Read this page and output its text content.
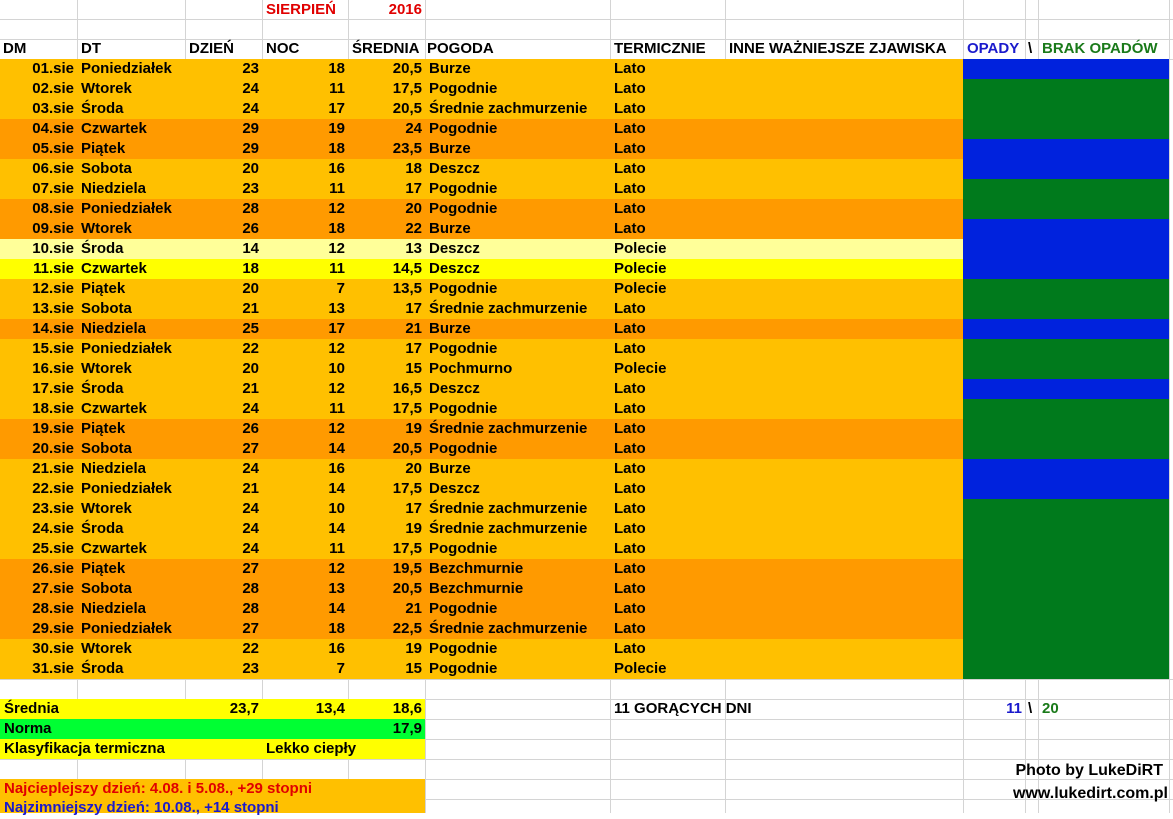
SIERPIEŃ	2016
DM	DT	DZIEŃ	NOC	ŚREDNIA POGODA	TERMICZNIE	INNE WAŻNIEJSZE ZJAWISKA	OPADY \ BRAK OPADÓW
01.sie Poniedziałek	23	18	20,5 Burze	Lato
02.sie Wtorek	24	11	17,5 Pogodnie	Lato
03.sie Środa	24	17	20,5 Średnie zachmurzenie	Lato
04.sie Czwartek	29	19	24 Pogodnie	Lato
05.sie Piątek	29	18	23,5 Burze	Lato
06.sie Sobota	20	16	18 Deszcz	Lato
07.sie Niedziela	23	11	17 Pogodnie	Lato
08.sie Poniedziałek	28	12	20 Pogodnie	Lato
09.sie Wtorek	26	18	22 Burze	Lato
10.sie Środa	14	12	13 Deszcz	Polecie
11.sie Czwartek	18	11	14,5 Deszcz	Polecie
12.sie Piątek	20	7	13,5 Pogodnie	Polecie
13.sie Sobota	21	13	17 Średnie zachmurzenie	Lato
14.sie Niedziela	25	17	21 Burze	Lato
15.sie Poniedziałek	22	12	17 Pogodnie	Lato
16.sie Wtorek	20	10	15 Pochmurno	Polecie
17.sie Środa	21	12	16,5 Deszcz	Lato
18.sie Czwartek	24	11	17,5 Pogodnie	Lato
19.sie Piątek	26	12	19 Średnie zachmurzenie	Lato
20.sie Sobota	27	14	20,5 Pogodnie	Lato
21.sie Niedziela	24	16	20 Burze	Lato
22.sie Poniedziałek	21	14	17,5 Deszcz	Lato
23.sie Wtorek	24	10	17 Średnie zachmurzenie	Lato
24.sie Środa	24	14	19 Średnie zachmurzenie	Lato
25.sie Czwartek	24	11	17,5 Pogodnie	Lato
26.sie Piątek	27	12	19,5 Bezchmurnie	Lato
27.sie Sobota	28	13	20,5 Bezchmurnie	Lato
28.sie Niedziela	28	14	21 Pogodnie	Lato
29.sie Poniedziałek	27	18	22,5 Średnie zachmurzenie	Lato
30.sie Wtorek	22	16	19 Pogodnie	Lato
31.sie Środa	23	7	15 Pogodnie	Polecie
Średnia	23,7	13,4	18,6	11 GORĄCYCH DNI	11 \ 20
Norma	17,9
Klasyfikacja termiczna	Lekko ciepły
Najcieplejszy dzień: 4.08. i 5.08., +29 stopni
Najzimniejszy dzień: 10.08., +14 stopni
Photo by LukeDiRT
www.lukedirt.com.pl
